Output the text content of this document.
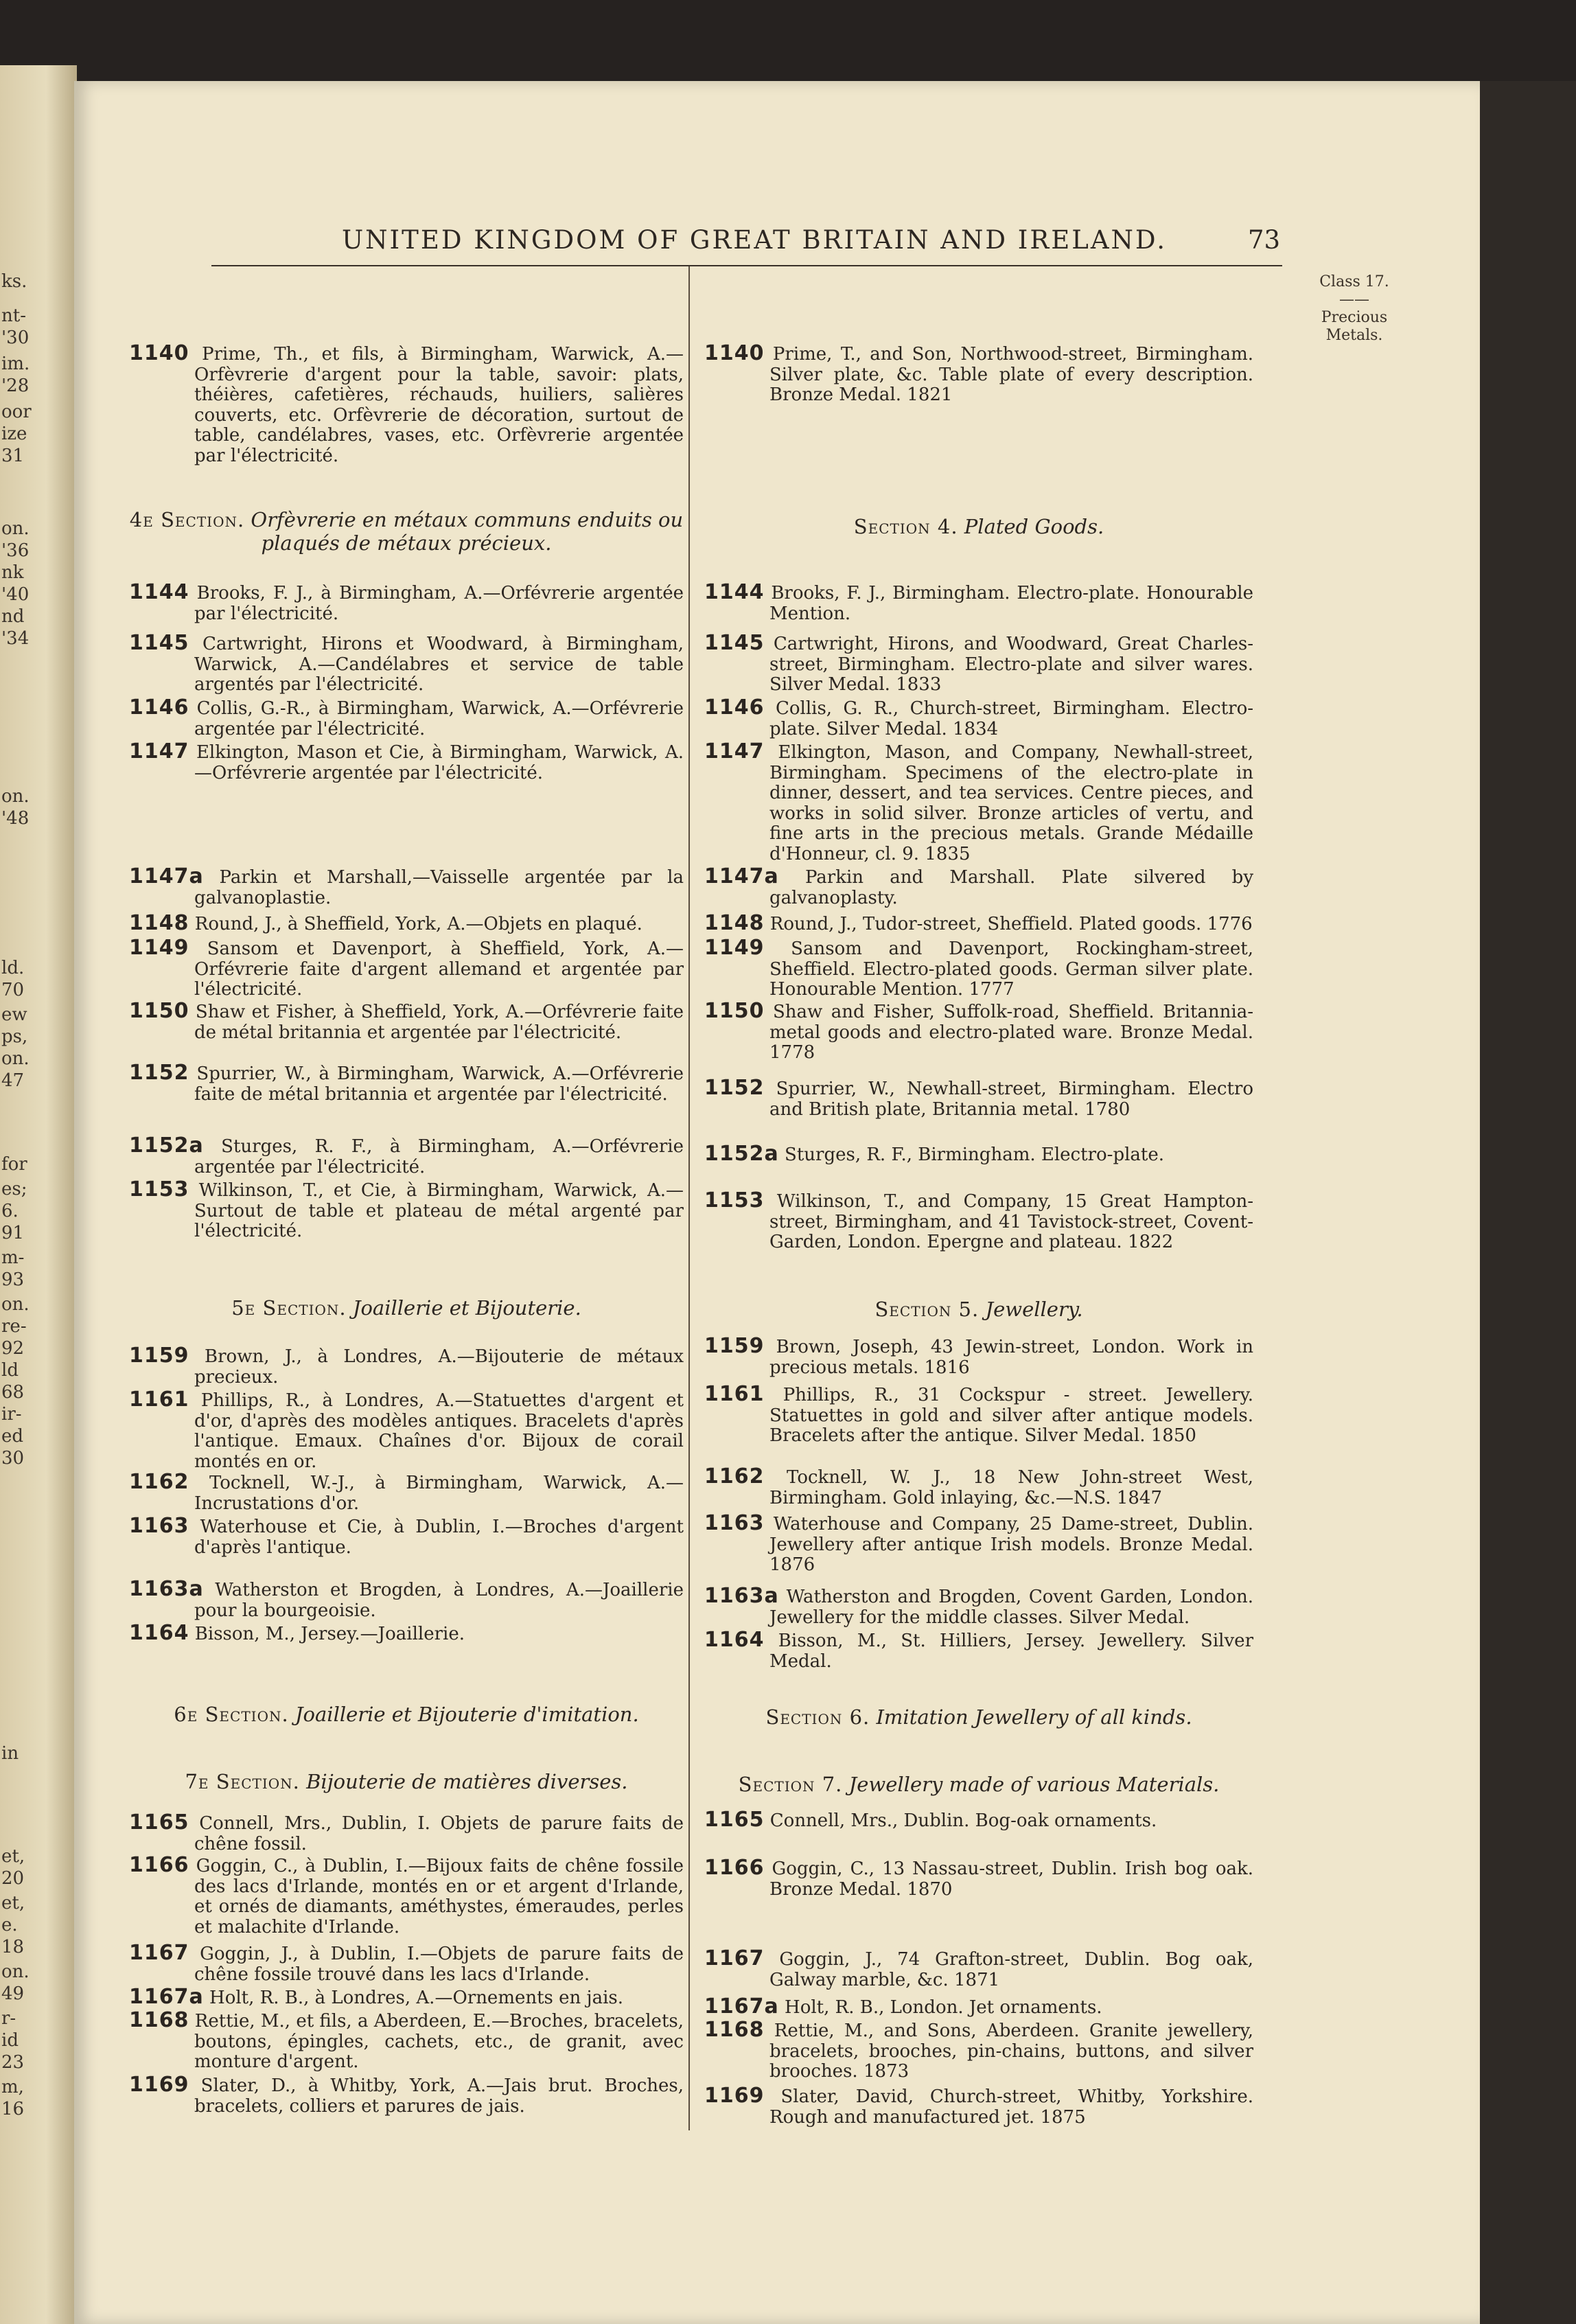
ks.
nt-
'30
im.
'28
oor
ize
31
on.
'36
nk
'40
nd
'34
on.
'48
ld.
70
ew
ps,
on.
47
for
es;
6.
91
m-
93
on.
re-
92
ld
68
ir-
ed
30
in
et,
20
et,
e.
18
on.
49
r-
id
23
m,
16
UNITED KINGDOM OF GREAT BRITAIN AND IRELAND.	73
Class 17.
——
Precious
Metals.
1140 Prime, Th., et fils, à Birmingham, Warwick, A.—Orfèvrerie d'argent pour la table, savoir: plats, théières, cafetières, réchauds, huiliers, salières couverts, etc. Orfèvrerie de décoration, surtout de table, candélabres, vases, etc. Orfèvrerie argentée par l'électricité.
4e Section. Orfèvrerie en métaux communs enduits ou plaqués de métaux précieux.
1144 Brooks, F. J., à Birmingham, A.—Orfévrerie argentée par l'électricité.
1145 Cartwright, Hirons et Woodward, à Birmingham, Warwick, A.—Candélabres et service de table argentés par l'électricité.
1146 Collis, G.-R., à Birmingham, Warwick, A.—Orfévrerie argentée par l'électricité.
1147 Elkington, Mason et Cie, à Birmingham, Warwick, A.—Orfévrerie argentée par l'électricité.
1147a Parkin et Marshall,—Vaisselle argentée par la galvanoplastie.
1148 Round, J., à Sheffield, York, A.—Objets en plaqué.
1149 Sansom et Davenport, à Sheffield, York, A.—Orfévrerie faite d'argent allemand et argentée par l'électricité.
1150 Shaw et Fisher, à Sheffield, York, A.—Orfévrerie faite de métal britannia et argentée par l'électricité.
1152 Spurrier, W., à Birmingham, Warwick, A.—Orfévrerie faite de métal britannia et argentée par l'électricité.
1152a Sturges, R. F., à Birmingham, A.—Orfévrerie argentée par l'électricité.
1153 Wilkinson, T., et Cie, à Birmingham, Warwick, A.—Surtout de table et plateau de métal argenté par l'électricité.
5e Section. Joaillerie et Bijouterie.
1159 Brown, J., à Londres, A.—Bijouterie de métaux precieux.
1161 Phillips, R., à Londres, A.—Statuettes d'argent et d'or, d'après des modèles antiques. Bracelets d'après l'antique. Emaux. Chaînes d'or. Bijoux de corail montés en or.
1162 Tocknell, W.-J., à Birmingham, Warwick, A.—Incrustations d'or.
1163 Waterhouse et Cie, à Dublin, I.—Broches d'argent d'après l'antique.
1163a Watherston et Brogden, à Londres, A.—Joaillerie pour la bourgeoisie.
1164 Bisson, M., Jersey.—Joaillerie.
6e Section. Joaillerie et Bijouterie d'imitation.
7e Section. Bijouterie de matières diverses.
1165 Connell, Mrs., Dublin, I. Objets de parure faits de chêne fossil.
1166 Goggin, C., à Dublin, I.—Bijoux faits de chêne fossile des lacs d'Irlande, montés en or et argent d'Irlande, et ornés de diamants, améthystes, émeraudes, perles et malachite d'Irlande.
1167 Goggin, J., à Dublin, I.—Objets de parure faits de chêne fossile trouvé dans les lacs d'Irlande.
1167a Holt, R. B., à Londres, A.—Ornements en jais.
1168 Rettie, M., et fils, a Aberdeen, E.—Broches, bracelets, boutons, épingles, cachets, etc., de granit, avec monture d'argent.
1169 Slater, D., à Whitby, York, A.—Jais brut. Broches, bracelets, colliers et parures de jais.
1140 Prime, T., and Son, Northwood-street, Birmingham. Silver plate, &c. Table plate of every description. Bronze Medal. 1821
Section 4. Plated Goods.
1144 Brooks, F. J., Birmingham. Electro-plate. Honourable Mention.
1145 Cartwright, Hirons, and Woodward, Great Charles-street, Birmingham. Electro-plate and silver wares. Silver Medal. 1833
1146 Collis, G. R., Church-street, Birmingham. Electro-plate. Silver Medal. 1834
1147 Elkington, Mason, and Company, Newhall-street, Birmingham. Specimens of the electro-plate in dinner, dessert, and tea services. Centre pieces, and works in solid silver. Bronze articles of vertu, and fine arts in the precious metals. Grande Médaille d'Honneur, cl. 9. 1835
1147a Parkin and Marshall. Plate silvered by galvanoplasty.
1148 Round, J., Tudor-street, Sheffield. Plated goods. 1776
1149 Sansom and Davenport, Rockingham-street, Sheffield. Electro-plated goods. German silver plate. Honourable Mention. 1777
1150 Shaw and Fisher, Suffolk-road, Sheffield. Britannia-metal goods and electro-plated ware. Bronze Medal. 1778
1152 Spurrier, W., Newhall-street, Birmingham. Electro and British plate, Britannia metal. 1780
1152a Sturges, R. F., Birmingham. Electro-plate.
1153 Wilkinson, T., and Company, 15 Great Hampton-street, Birmingham, and 41 Tavistock-street, Covent-Garden, London. Epergne and plateau. 1822
Section 5. Jewellery.
1159 Brown, Joseph, 43 Jewin-street, London. Work in precious metals. 1816
1161 Phillips, R., 31 Cockspur - street. Jewellery. Statuettes in gold and silver after antique models. Bracelets after the antique. Silver Medal. 1850
1162 Tocknell, W. J., 18 New John-street West, Birmingham. Gold inlaying, &c.—N.S. 1847
1163 Waterhouse and Company, 25 Dame-street, Dublin. Jewellery after antique Irish models. Bronze Medal. 1876
1163a Watherston and Brogden, Covent Garden, London. Jewellery for the middle classes. Silver Medal.
1164 Bisson, M., St. Hilliers, Jersey. Jewellery. Silver Medal.
Section 6. Imitation Jewellery of all kinds.
Section 7. Jewellery made of various Materials.
1165 Connell, Mrs., Dublin. Bog-oak ornaments.
1166 Goggin, C., 13 Nassau-street, Dublin. Irish bog oak. Bronze Medal. 1870
1167 Goggin, J., 74 Grafton-street, Dublin. Bog oak, Galway marble, &c. 1871
1167a Holt, R. B., London. Jet ornaments.
1168 Rettie, M., and Sons, Aberdeen. Granite jewellery, bracelets, brooches, pin-chains, buttons, and silver brooches. 1873
1169 Slater, David, Church-street, Whitby, Yorkshire. Rough and manufactured jet. 1875
